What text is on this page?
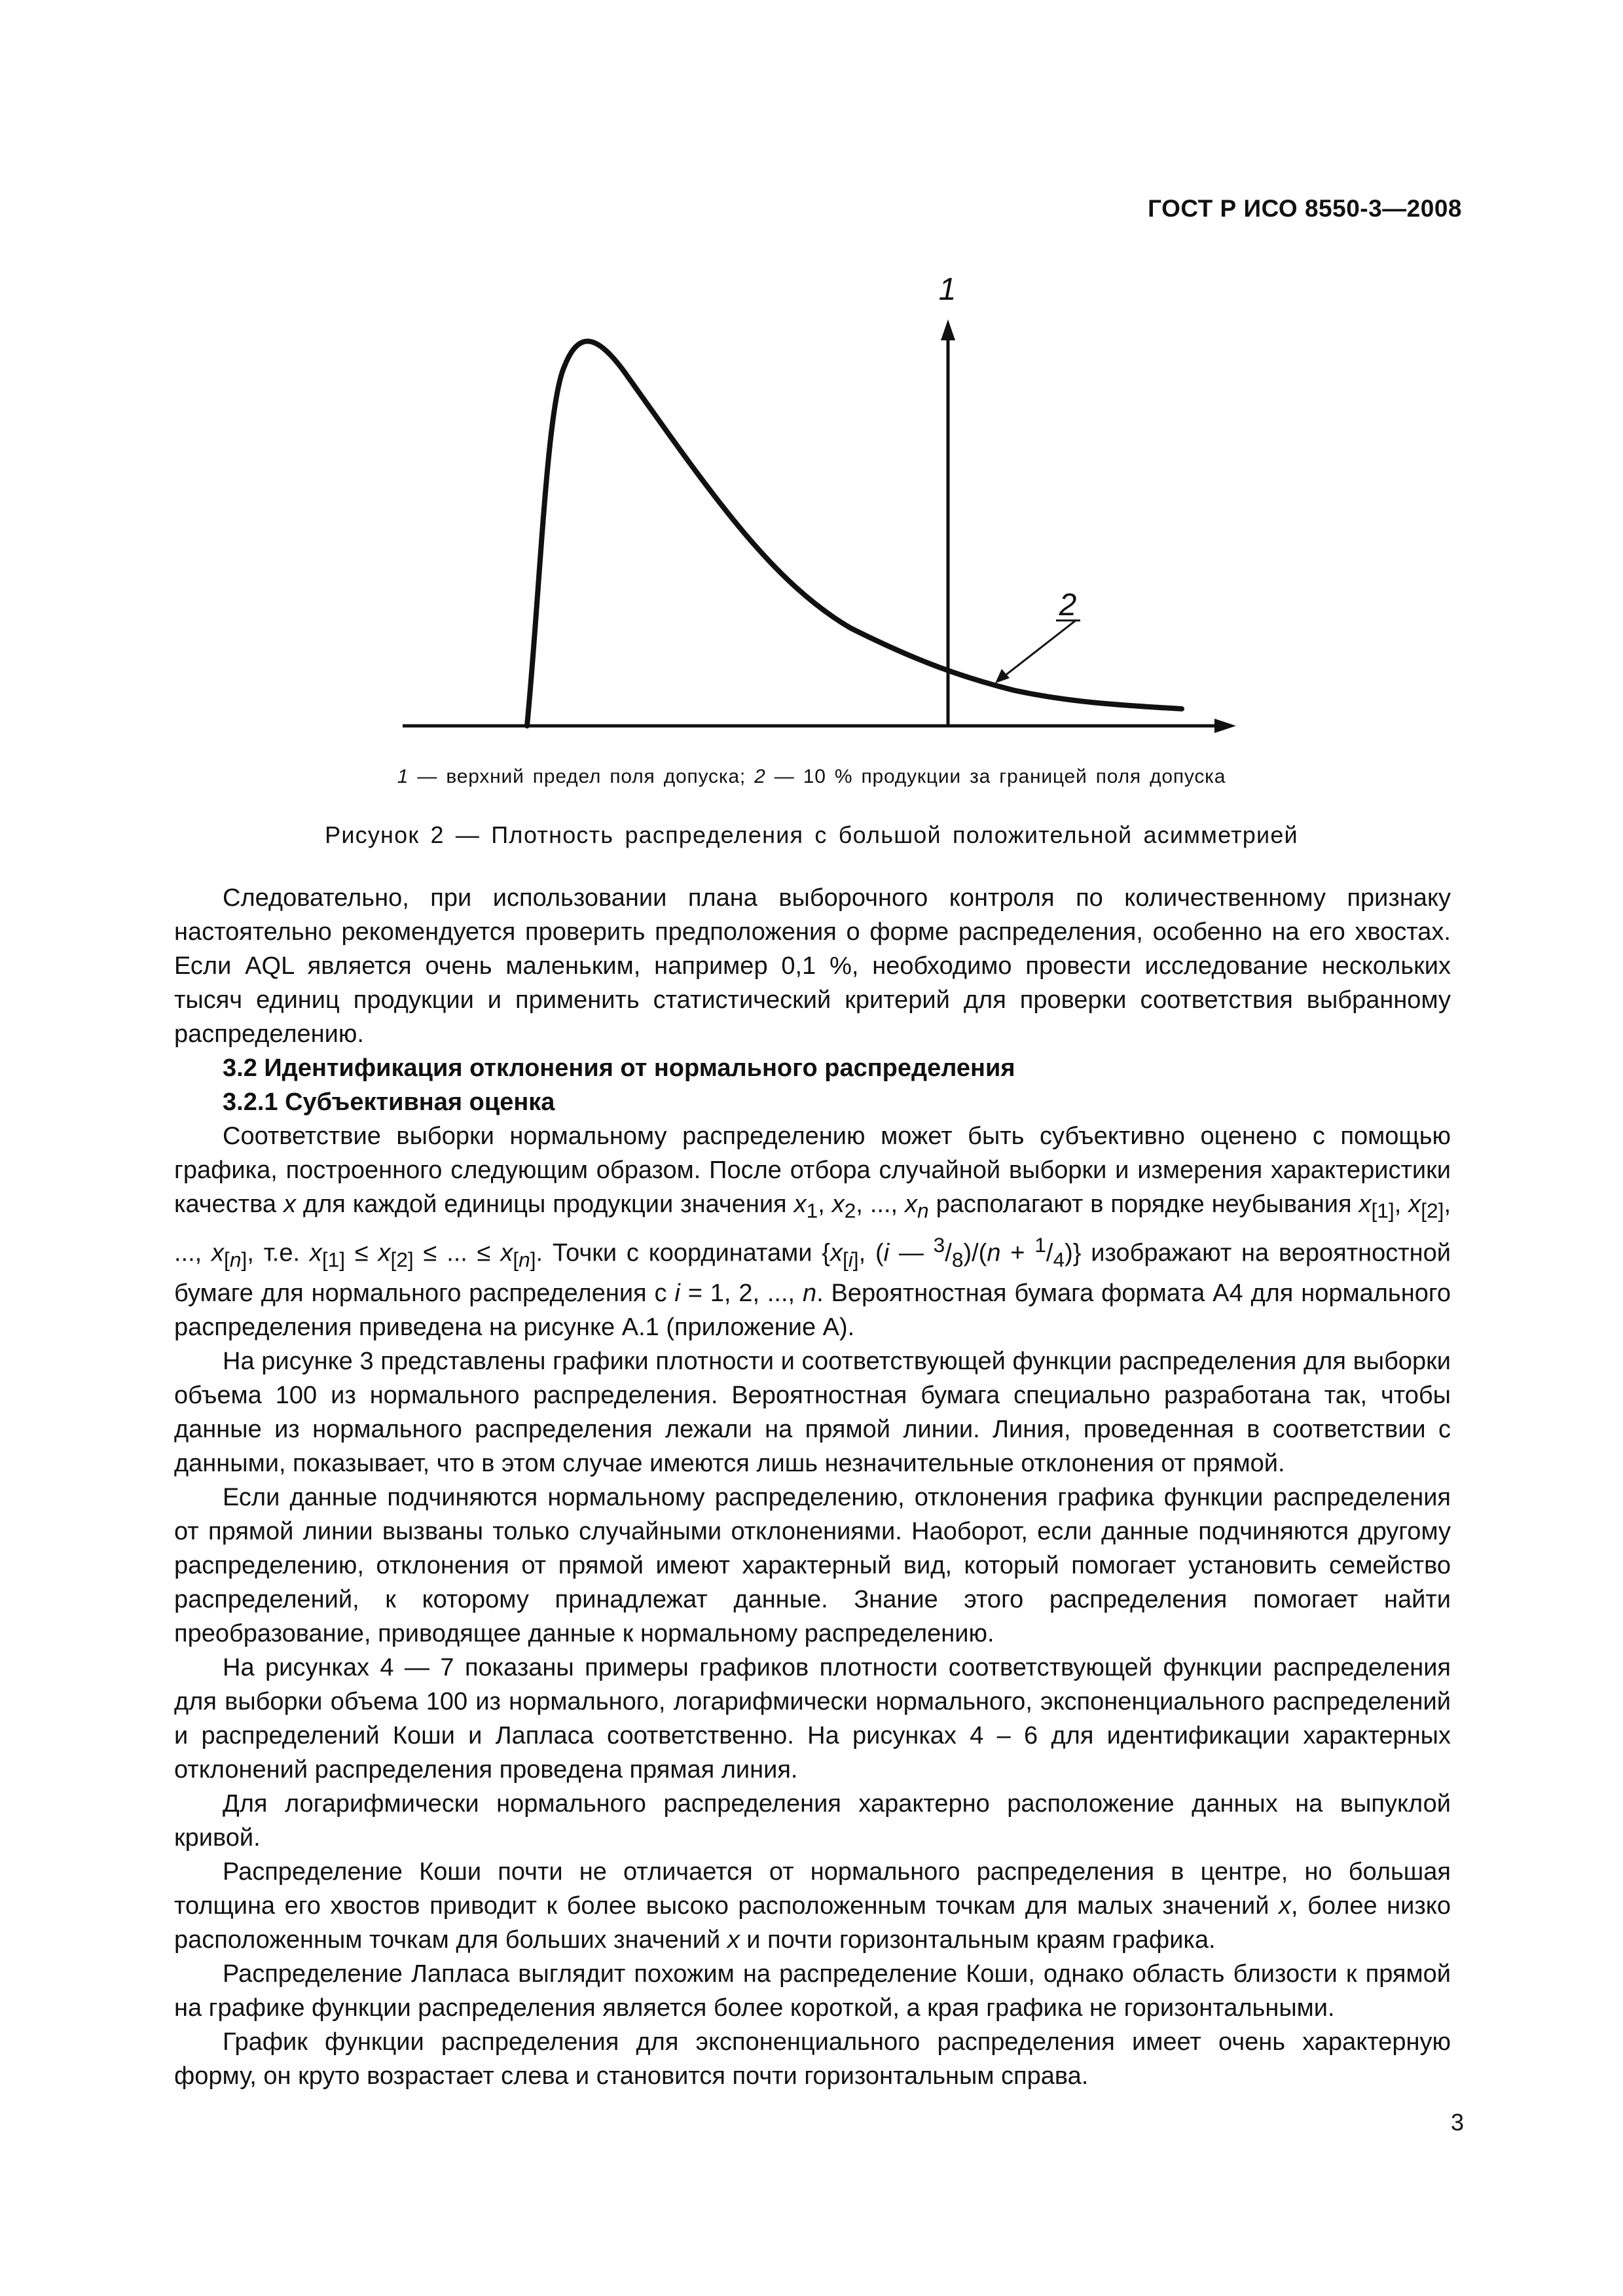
ГОСТ Р ИСО 8550-3—2008
1
2
1 — верхний предел поля допуска; 2 — 10 % продукции за границей поля допуска
Рисунок 2 — Плотность распределения с большой положительной асимметрией

Следовательно, при использовании плана выборочного контроля по количественному признаку настоятельно рекомендуется проверить предположения о форме распределения, особенно на его хвостах. Если AQL является очень маленьким, например 0,1 %, необходимо провести исследование нескольких тысяч единиц продукции и применить статистический критерий для проверки соответствия выбранному распределению.

3.2 Идентификация отклонения от нормального распределения

3.2.1 Субъективная оценка

Соответствие выборки нормальному распределению может быть субъективно оценено с помощью графика, построенного следующим образом. После отбора случайной выборки и измерения характеристики качества x для каждой единицы продукции значения $x_1$, $x_2$, ..., $x_n$ располагают в порядке неубывания $x_{[1]}$, $x_{[2]}$, ..., $x_{[n]}$, т.е. $x_{[1]} \le x_{[2]}$ ≤ ... ≤ $x_{[n]}$. Точки с координатами {$x_{[i]}$, (i — $^3/_8)/(n + ^1/_4)$} изображают на вероятностной бумаге для нормального распределения с i = 1, 2, ..., n. Вероятностная бумага формата А4 для нормального распределения приведена на рисунке А.1 (приложение А).

На рисунке 3 представлены графики плотности и соответствующей функции распределения для выборки объема 100 из нормального распределения. Вероятностная бумага специально разработана так, чтобы данные из нормального распределения лежали на прямой линии. Линия, проведенная в соответствии с данными, показывает, что в этом случае имеются лишь незначительные отклонения от прямой.

Если данные подчиняются нормальному распределению, отклонения графика функции распределения от прямой линии вызваны только случайными отклонениями. Наоборот, если данные подчиняются другому распределению, отклонения от прямой имеют характерный вид, который помогает установить семейство распределений, к которому принадлежат данные. Знание этого распределения помогает найти преобразование, приводящее данные к нормальному распределению.

На рисунках 4 — 7 показаны примеры графиков плотности соответствующей функции распределения для выборки объема 100 из нормального, логарифмически нормального, экспоненциального распределений и распределений Коши и Лапласа соответственно. На рисунках 4 – 6 для идентификации характерных отклонений распределения проведена прямая линия.

Для логарифмически нормального распределения характерно расположение данных на выпуклой кривой.

Распределение Коши почти не отличается от нормального распределения в центре, но большая толщина его хвостов приводит к более высоко расположенным точкам для малых значений x, более низко расположенным точкам для больших значений x и почти горизонтальным краям графика.

Распределение Лапласа выглядит похожим на распределение Коши, однако область близости к прямой на графике функции распределения является более короткой, а края графика не горизонтальными.

График функции распределения для экспоненциального распределения имеет очень характерную форму, он круто возрастает слева и становится почти горизонтальным справа.

3
